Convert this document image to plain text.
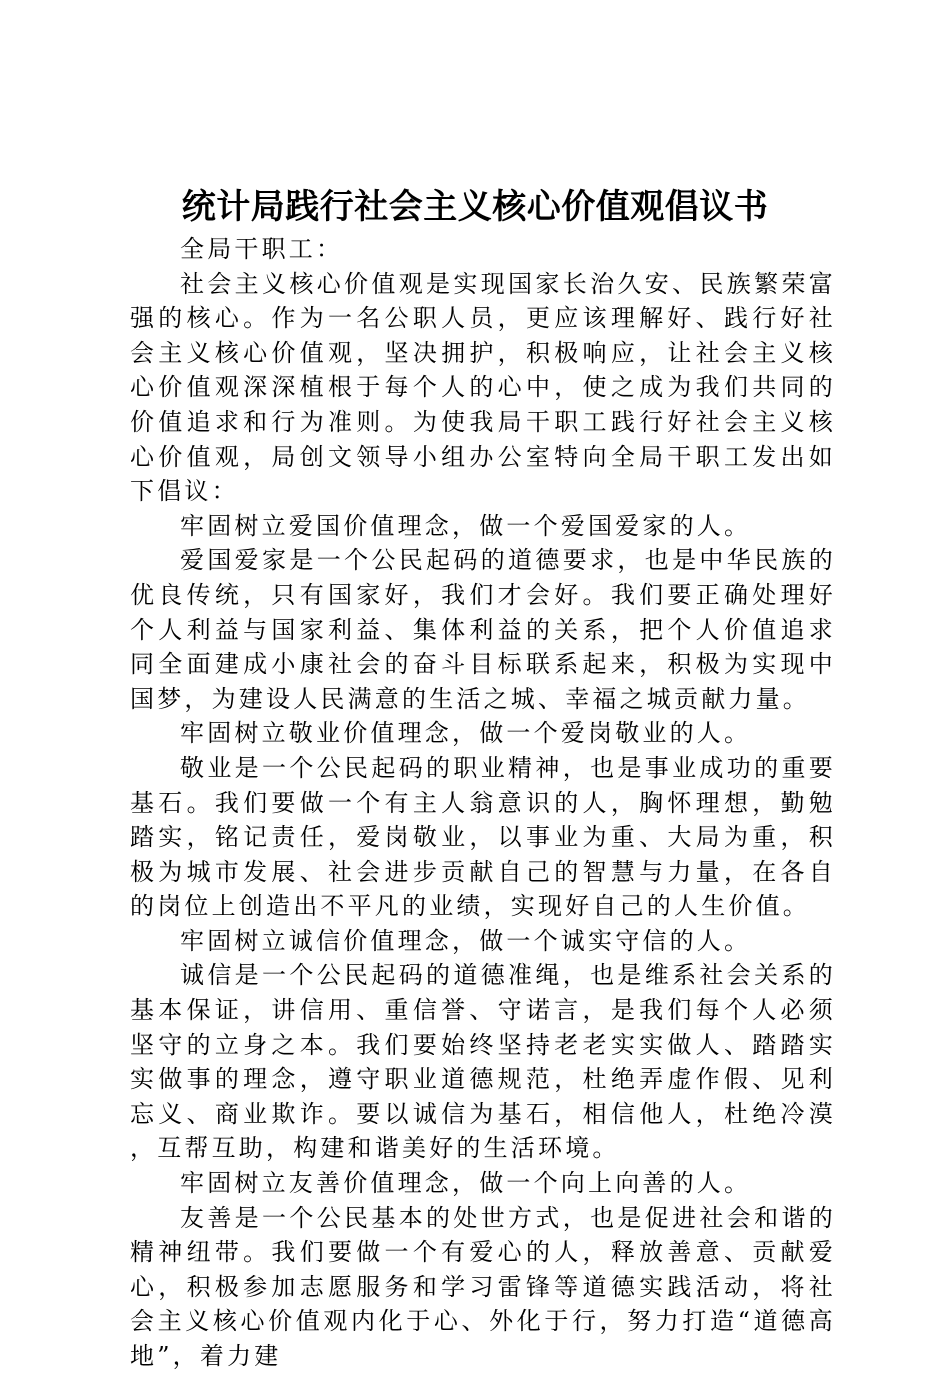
统计局践行社会主义核心价值观倡议书

全局干职工：

社会主义核心价值观是实现国家长治久安、民族繁荣富强的核心。作为一名公职人员，更应该理解好、践行好社会主义核心价值观，坚决拥护，积极响应，让社会主义核心价值观深深植根于每个人的心中，使之成为我们共同的价值追求和行为准则。为使我局干职工践行好社会主义核心价值观，局创文领导小组办公室特向全局干职工发出如下倡议：

牢固树立爱国价值理念，做一个爱国爱家的人。

爱国爱家是一个公民起码的道德要求，也是中华民族的优良传统，只有国家好，我们才会好。我们要正确处理好个人利益与国家利益、集体利益的关系，把个人价值追求同全面建成小康社会的奋斗目标联系起来，积极为实现中国梦，为建设人民满意的生活之城、幸福之城贡献力量。

牢固树立敬业价值理念，做一个爱岗敬业的人。

敬业是一个公民起码的职业精神，也是事业成功的重要基石。我们要做一个有主人翁意识的人，胸怀理想，勤勉踏实，铭记责任，爱岗敬业，以事业为重、大局为重，积极为城市发展、社会进步贡献自己的智慧与力量，在各自的岗位上创造出不平凡的业绩，实现好自己的人生价值。

牢固树立诚信价值理念，做一个诚实守信的人。

诚信是一个公民起码的道德准绳，也是维系社会关系的基本保证，讲信用、重信誉、守诺言，是我们每个人必须坚守的立身之本。我们要始终坚持老老实实做人、踏踏实实做事的理念，遵守职业道德规范，杜绝弄虚作假、见利忘义、商业欺诈。要以诚信为基石，相信他人，杜绝冷漠，互帮互助，构建和谐美好的生活环境。

牢固树立友善价值理念，做一个向上向善的人。

友善是一个公民基本的处世方式，也是促进社会和谐的精神纽带。我们要做一个有爱心的人，释放善意、贡献爱心，积极参加志愿服务和学习雷锋等道德实践活动，将社会主义核心价值观内化于心、外化于行，努力打造“道德高地”，着力建
